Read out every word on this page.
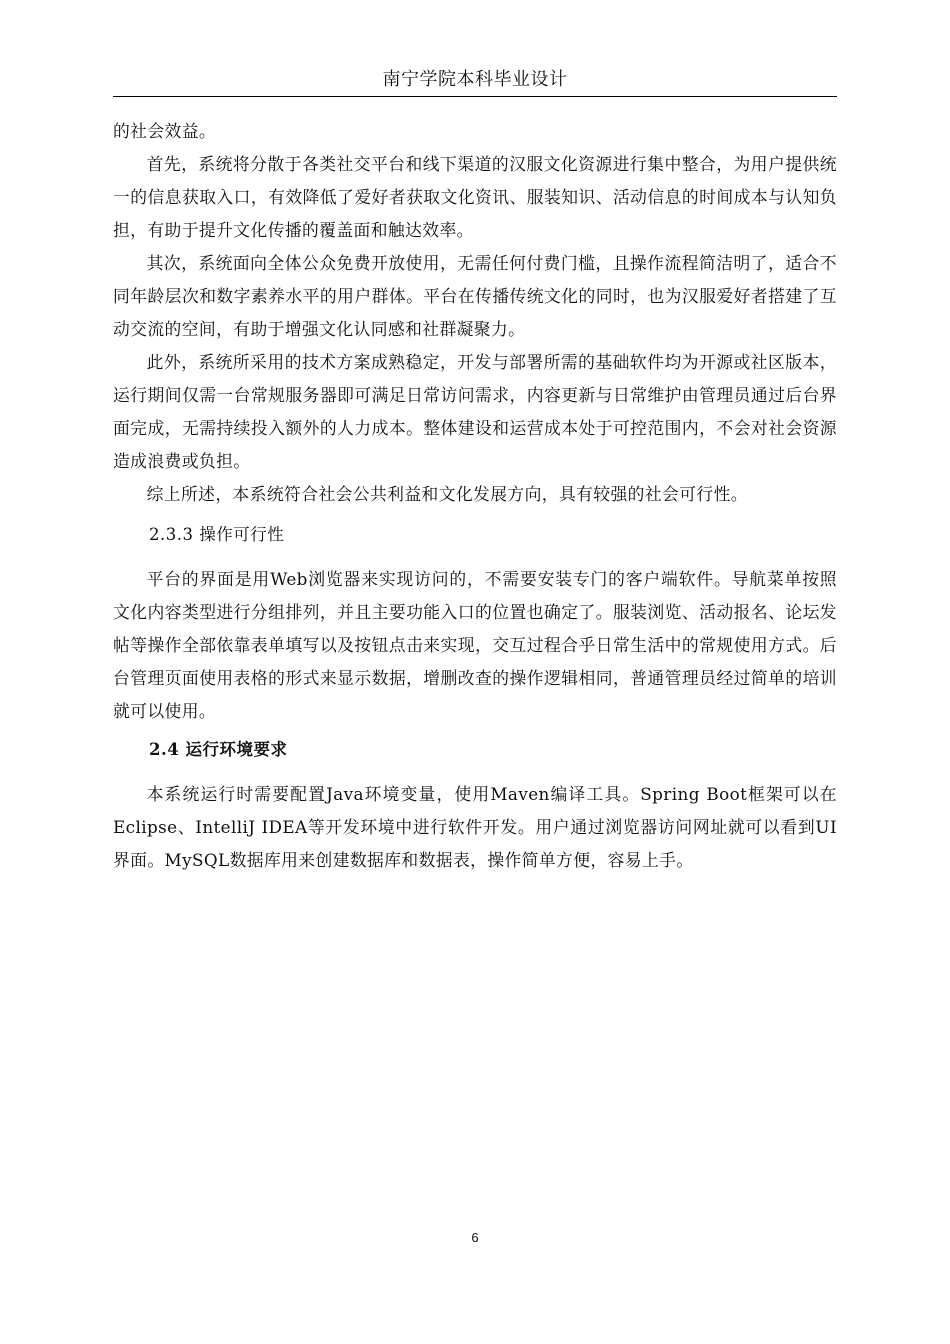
南宁学院本科毕业设计

的社会效益。

首先，系统将分散于各类社交平台和线下渠道的汉服文化资源进行集中整合，为用户提供统一的信息获取入口，有效降低了爱好者获取文化资讯、服装知识、活动信息的时间成本与认知负担，有助于提升文化传播的覆盖面和触达效率。

其次，系统面向全体公众免费开放使用，无需任何付费门槛，且操作流程简洁明了，适合不同年龄层次和数字素养水平的用户群体。平台在传播传统文化的同时，也为汉服爱好者搭建了互动交流的空间，有助于增强文化认同感和社群凝聚力。

此外，系统所采用的技术方案成熟稳定，开发与部署所需的基础软件均为开源或社区版本，运行期间仅需一台常规服务器即可满足日常访问需求，内容更新与日常维护由管理员通过后台界面完成，无需持续投入额外的人力成本。整体建设和运营成本处于可控范围内，不会对社会资源造成浪费或负担。

综上所述，本系统符合社会公共利益和文化发展方向，具有较强的社会可行性。

2.3.3 操作可行性

平台的界面是用Web浏览器来实现访问的，不需要安装专门的客户端软件。导航菜单按照文化内容类型进行分组排列，并且主要功能入口的位置也确定了。服装浏览、活动报名、论坛发帖等操作全部依靠表单填写以及按钮点击来实现，交互过程合乎日常生活中的常规使用方式。后台管理页面使用表格的形式来显示数据，增删改查的操作逻辑相同，普通管理员经过简单的培训就可以使用。

2.4 运行环境要求

本系统运行时需要配置Java环境变量，使用Maven编译工具。Spring Boot框架可以在Eclipse、IntelliJ IDEA等开发环境中进行软件开发。用户通过浏览器访问网址就可以看到UI界面。MySQL数据库用来创建数据库和数据表，操作简单方便，容易上手。

6
